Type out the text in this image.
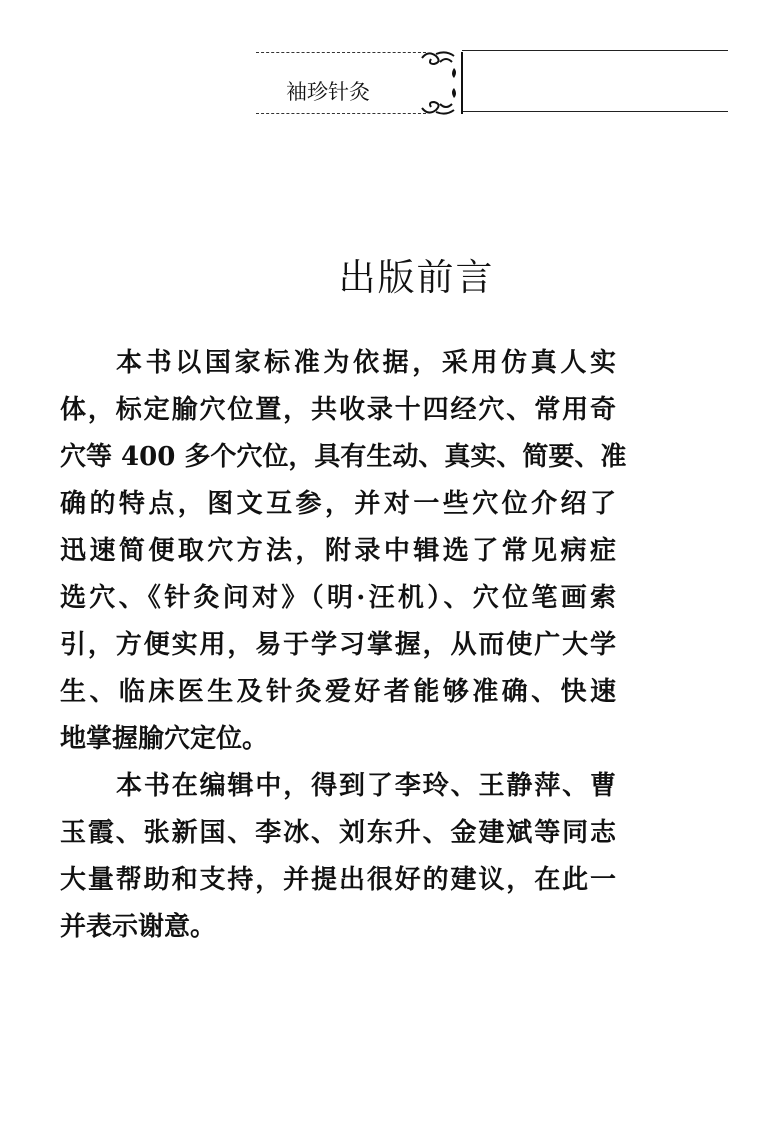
袖珍针灸
出版前言
本书以国家标准为依据，采用仿真人实
体，标定腧穴位置，共收录十四经穴、常用奇
穴等 400 多个穴位，具有生动、真实、简要、准
确的特点，图文互参，并对一些穴位介绍了
迅速简便取穴方法，附录中辑选了常见病症
选穴、《针灸问对》（明·汪机）、穴位笔画索
引，方便实用，易于学习掌握，从而使广大学
生、临床医生及针灸爱好者能够准确、快速
地掌握腧穴定位。
本书在编辑中，得到了李玲、王静萍、曹
玉霞、张新国、李冰、刘东升、金建斌等同志
大量帮助和支持，并提出很好的建议，在此一
并表示谢意。
